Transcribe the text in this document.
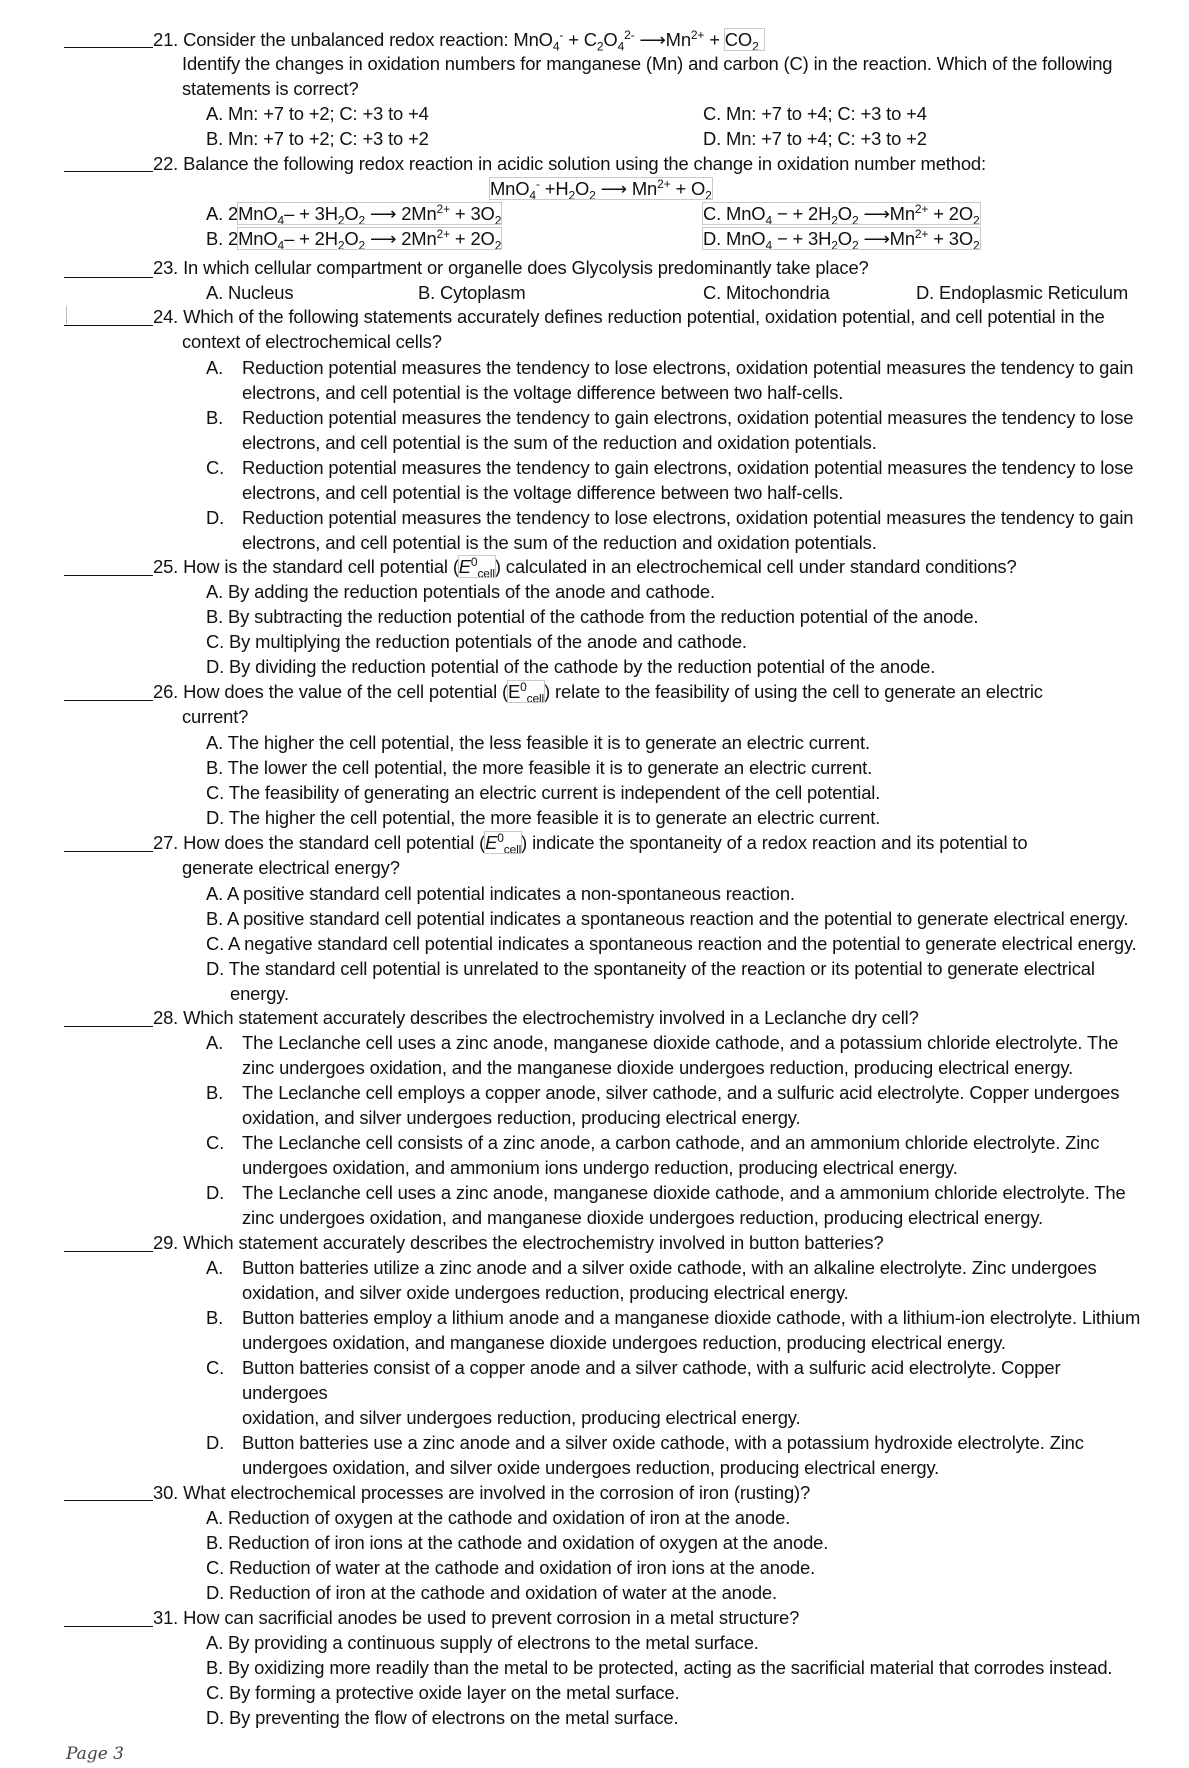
21. Consider the unbalanced redox reaction: $MnO_4^- + C_2O_4^{2-}$ $⟶Mn^{2+} + CO_2$
Identify the changes in oxidation numbers for manganese (Mn) and carbon (C) in the reaction. Which of the following
statements is correct?
A. Mn: +7 to +2; C: +3 to +4	C. Mn: +7 to +4; C: +3 to +4
B. Mn: +7 to +2; C: +3 to +2	D. Mn: +7 to +4; C: +3 to +2
22. Balance the following redox reaction in acidic solution using the change in oxidation number method:
$MnO_4^- +H_2O_2$ ⟶ $Mn^{2+} + O_2$
A. $2MnO_4- + 3H_2O_2$ ⟶ $2Mn^{2+} + 3O_2$	C. MnO$_4$ − + $2H_2O_2$ $⟶Mn^{2+} + 2O_2$
B. $2MnO_4- + 2H_2O_2$ ⟶ $2Mn^{2+} + 2O_2$	D. MnO$_4$ − + $3H_2O_2$ $⟶Mn^{2+} + 3O_2$
23. In which cellular compartment or organelle does Glycolysis predominantly take place?
A. Nucleus	B. Cytoplasm	C. Mitochondria	D. Endoplasmic Reticulum
24. Which of the following statements accurately defines reduction potential, oxidation potential, and cell potential in the
context of electrochemical cells?
A. Reduction potential measures the tendency to lose electrons, oxidation potential measures the tendency to gain
electrons, and cell potential is the voltage difference between two half-cells.
B. Reduction potential measures the tendency to gain electrons, oxidation potential measures the tendency to lose
electrons, and cell potential is the sum of the reduction and oxidation potentials.
C. Reduction potential measures the tendency to gain electrons, oxidation potential measures the tendency to lose
electrons, and cell potential is the voltage difference between two half-cells.
D. Reduction potential measures the tendency to lose electrons, oxidation potential measures the tendency to gain
electrons, and cell potential is the sum of the reduction and oxidation potentials.
25. How is the standard cell potential $(E^0_{cell})$ calculated in an electrochemical cell under standard conditions?
A. By adding the reduction potentials of the anode and cathode.
B. By subtracting the reduction potential of the cathode from the reduction potential of the anode.
C. By multiplying the reduction potentials of the anode and cathode.
D. By dividing the reduction potential of the cathode by the reduction potential of the anode.
26. How does the value of the cell potential $(E^0_{cell})$ relate to the feasibility of using the cell to generate an electric
current?
A. The higher the cell potential, the less feasible it is to generate an electric current.
B. The lower the cell potential, the more feasible it is to generate an electric current.
C. The feasibility of generating an electric current is independent of the cell potential.
D. The higher the cell potential, the more feasible it is to generate an electric current.
27. How does the standard cell potential $(E^0_{cell})$ indicate the spontaneity of a redox reaction and its potential to
generate electrical energy?
A. A positive standard cell potential indicates a non-spontaneous reaction.
B. A positive standard cell potential indicates a spontaneous reaction and the potential to generate electrical energy.
C. A negative standard cell potential indicates a spontaneous reaction and the potential to generate electrical energy.
D. The standard cell potential is unrelated to the spontaneity of the reaction or its potential to generate electrical
energy.
28. Which statement accurately describes the electrochemistry involved in a Leclanche dry cell?
A. The Leclanche cell uses a zinc anode, manganese dioxide cathode, and a potassium chloride electrolyte. The
zinc undergoes oxidation, and the manganese dioxide undergoes reduction, producing electrical energy.
B. The Leclanche cell employs a copper anode, silver cathode, and a sulfuric acid electrolyte. Copper undergoes
oxidation, and silver undergoes reduction, producing electrical energy.
C. The Leclanche cell consists of a zinc anode, a carbon cathode, and an ammonium chloride electrolyte. Zinc
undergoes oxidation, and ammonium ions undergo reduction, producing electrical energy.
D. The Leclanche cell uses a zinc anode, manganese dioxide cathode, and a ammonium chloride electrolyte. The
zinc undergoes oxidation, and manganese dioxide undergoes reduction, producing electrical energy.
29. Which statement accurately describes the electrochemistry involved in button batteries?
A. Button batteries utilize a zinc anode and a silver oxide cathode, with an alkaline electrolyte. Zinc undergoes
oxidation, and silver oxide undergoes reduction, producing electrical energy.
B. Button batteries employ a lithium anode and a manganese dioxide cathode, with a lithium-ion electrolyte. Lithium
undergoes oxidation, and manganese dioxide undergoes reduction, producing electrical energy.
C. Button batteries consist of a copper anode and a silver cathode, with a sulfuric acid electrolyte. Copper
undergoes
oxidation, and silver undergoes reduction, producing electrical energy.
D. Button batteries use a zinc anode and a silver oxide cathode, with a potassium hydroxide electrolyte. Zinc
undergoes oxidation, and silver oxide undergoes reduction, producing electrical energy.
30. What electrochemical processes are involved in the corrosion of iron (rusting)?
A. Reduction of oxygen at the cathode and oxidation of iron at the anode.
B. Reduction of iron ions at the cathode and oxidation of oxygen at the anode.
C. Reduction of water at the cathode and oxidation of iron ions at the anode.
D. Reduction of iron at the cathode and oxidation of water at the anode.
31. How can sacrificial anodes be used to prevent corrosion in a metal structure?
A. By providing a continuous supply of electrons to the metal surface.
B. By oxidizing more readily than the metal to be protected, acting as the sacrificial material that corrodes instead.
C. By forming a protective oxide layer on the metal surface.
D. By preventing the flow of electrons on the metal surface.
Page 3
